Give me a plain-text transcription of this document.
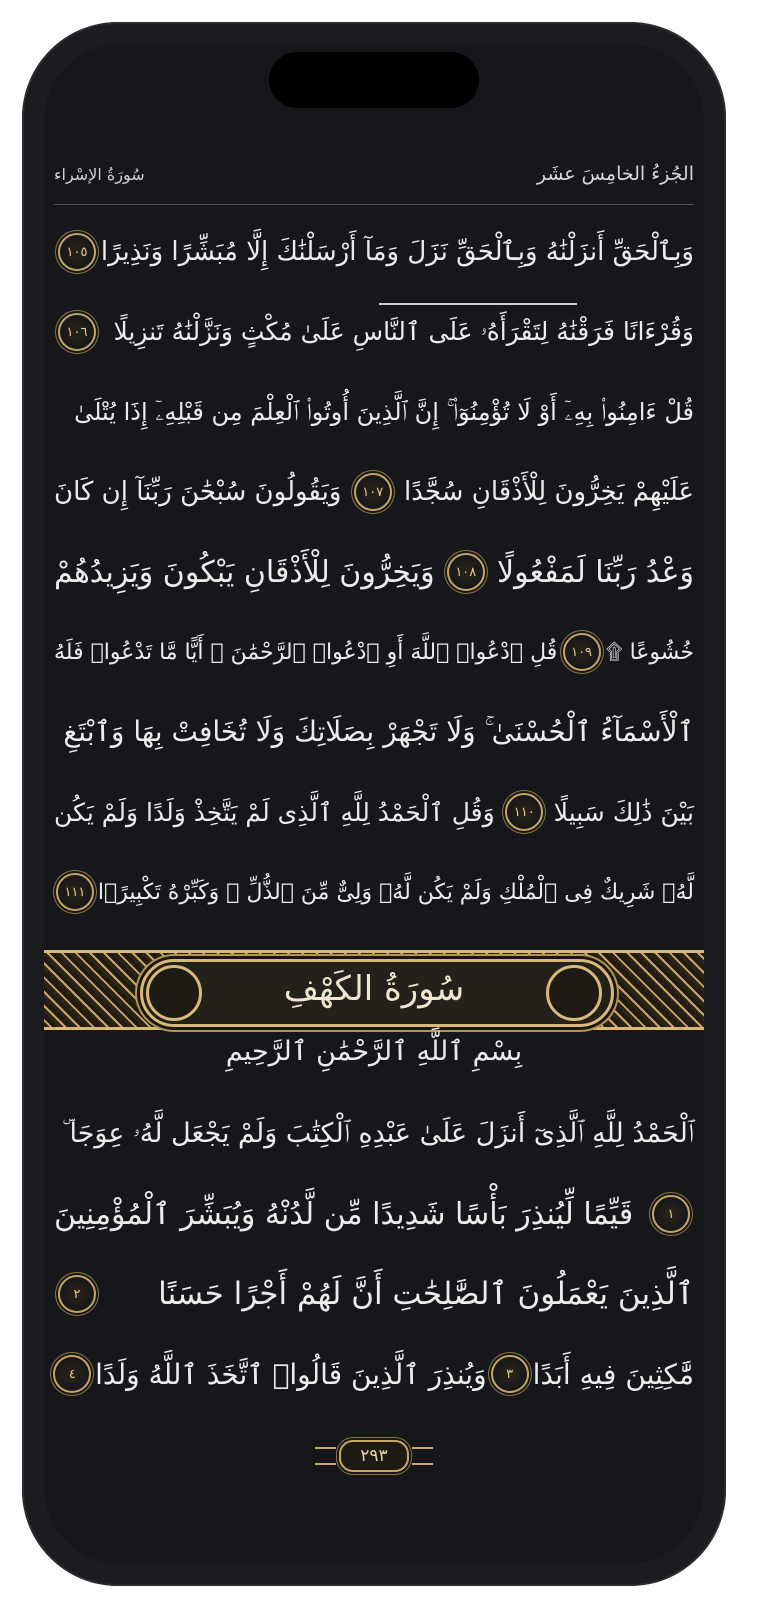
الجُزءُ الخامِسَ عشَر
سُورَةُ الإسْراء
وَبِٱلْحَقِّ أَنزَلْنَٰهُ وَبِٱلْحَقِّ نَزَلَ وَمَآ أَرْسَلْنَٰكَ إِلَّا مُبَشِّرًا وَنَذِيرًا
١٠٥
وَقُرْءَانًا فَرَقْنَٰهُ لِتَقْرَأَهُۥ عَلَى ٱلنَّاسِ عَلَىٰ مُكْثٍ وَنَزَّلْنَٰهُ تَنزِيلًا
١٠٦
قُلْ ءَامِنُوا۟ بِهِۦٓ أَوْ لَا تُؤْمِنُوٓا۟ ۚ إِنَّ ٱلَّذِينَ أُوتُوا۟ ٱلْعِلْمَ مِن قَبْلِهِۦٓ إِذَا يُتْلَىٰ
عَلَيْهِمْ يَخِرُّونَ لِلْأَذْقَانِ سُجَّدًا
١٠٧
وَيَقُولُونَ سُبْحَٰنَ رَبِّنَآ إِن كَانَ
وَعْدُ رَبِّنَا لَمَفْعُولًا
١٠٨
وَيَخِرُّونَ لِلْأَذْقَانِ يَبْكُونَ وَيَزِيدُهُمْ
خُشُوعًا ۩
١٠٩
قُلِ ٱدْعُوا۟ ٱللَّهَ أَوِ ٱدْعُوا۟ ٱلرَّحْمَٰنَ ۖ أَيًّا مَّا تَدْعُوا۟ فَلَهُ
ٱلْأَسْمَآءُ ٱلْحُسْنَىٰ ۚ وَلَا تَجْهَرْ بِصَلَاتِكَ وَلَا تُخَافِتْ بِهَا وَٱبْتَغِ
بَيْنَ ذَٰلِكَ سَبِيلًا
١١٠
وَقُلِ ٱلْحَمْدُ لِلَّهِ ٱلَّذِى لَمْ يَتَّخِذْ وَلَدًا وَلَمْ يَكُن
لَّهُۥ شَرِيكٌ فِى ٱلْمُلْكِ وَلَمْ يَكُن لَّهُۥ وَلِىٌّ مِّنَ ٱلذُّلِّ ۖ وَكَبِّرْهُ تَكْبِيرًۢا
١١١
سُورَةُ الكَهْفِ
بِسْمِ ٱللَّهِ ٱلرَّحْمَٰنِ ٱلرَّحِيمِ
ٱلْحَمْدُ لِلَّهِ ٱلَّذِىٓ أَنزَلَ عَلَىٰ عَبْدِهِ ٱلْكِتَٰبَ وَلَمْ يَجْعَل لَّهُۥ عِوَجَا ۜ
١
قَيِّمًا لِّيُنذِرَ بَأْسًا شَدِيدًا مِّن لَّدُنْهُ وَيُبَشِّرَ ٱلْمُؤْمِنِينَ
ٱلَّذِينَ يَعْمَلُونَ ٱلصَّٰلِحَٰتِ أَنَّ لَهُمْ أَجْرًا حَسَنًا
٢
مَّٰكِثِينَ فِيهِ أَبَدًا
٣
وَيُنذِرَ ٱلَّذِينَ قَالُوا۟ ٱتَّخَذَ ٱللَّهُ وَلَدًا
٤
٢٩٣
